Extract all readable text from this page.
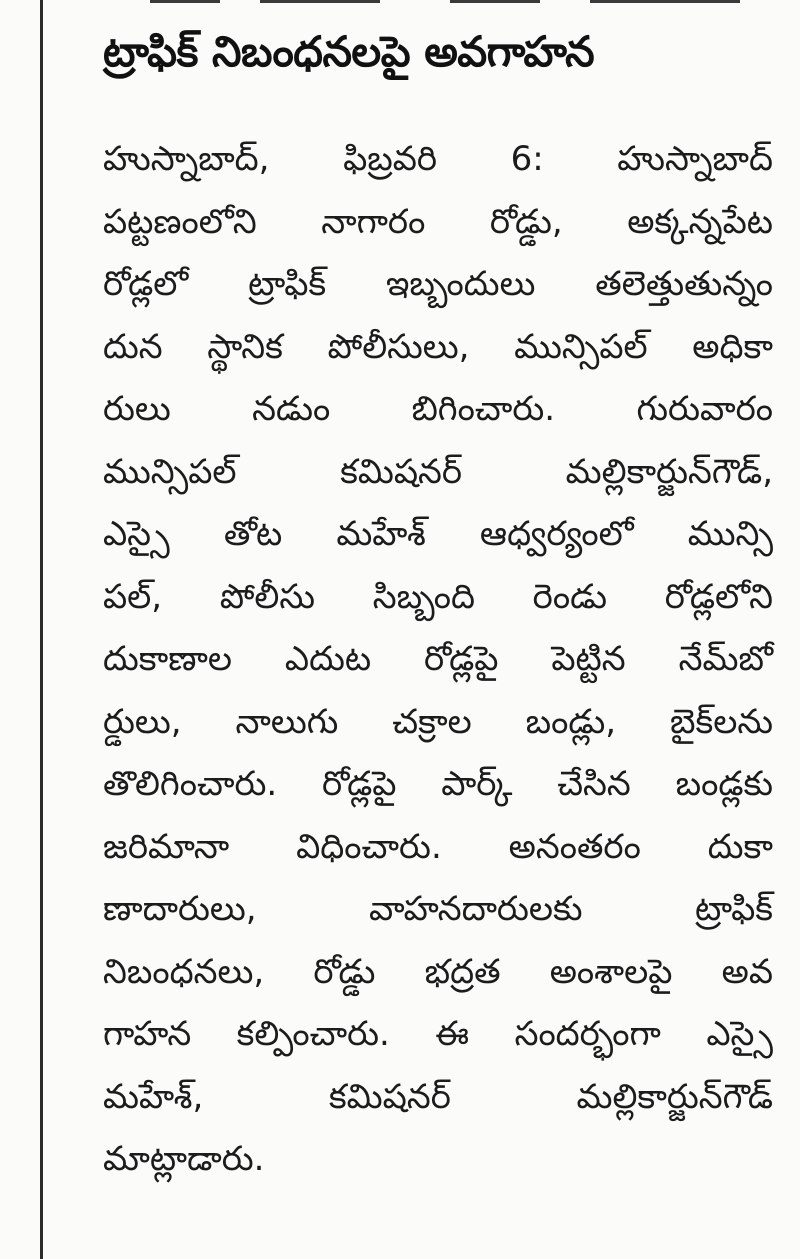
ట్రాఫిక్ నిబంధనలపై అవగాహన
హుస్నాబాద్, ఫిబ్రవరి 6: హుస్నాబాద్
పట్టణంలోని నాగారం రోడ్డు, అక్కన్నపేట
రోడ్లలో ట్రాఫిక్ ఇబ్బందులు తలెత్తుతున్నం
దున స్థానిక పోలీసులు, మున్సిపల్ అధికా
రులు నడుం బిగించారు. గురువారం
మున్సిపల్ కమిషనర్ మల్లికార్జున్‌గౌడ్,
ఎస్సై తోట మహేశ్ ఆధ్వర్యంలో మున్సి
పల్, పోలీసు సిబ్బంది రెండు రోడ్లలోని
దుకాణాల ఎదుట రోడ్లపై పెట్టిన నేమ్‌బో
ర్డులు, నాలుగు చక్రాల బండ్లు, బైక్‌లను
తొలిగించారు. రోడ్లపై పార్క్ చేసిన బండ్లకు
జరిమానా విధించారు. అనంతరం దుకా
ణాదారులు, వాహనదారులకు ట్రాఫిక్
నిబంధనలు, రోడ్డు భద్రత అంశాలపై అవ
గాహన కల్పించారు. ఈ సందర్భంగా ఎస్సై
మహేశ్, కమిషనర్ మల్లికార్జున్‌గౌడ్
మాట్లాడారు.
